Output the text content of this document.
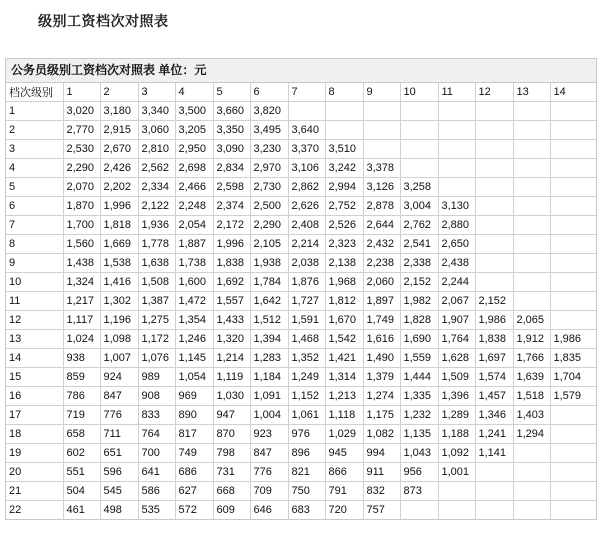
级别工资档次对照表
公务员级别工资档次对照表 单位：元
档次级别	1	2	3	4	5	6	7	8	9	10	11	12	13	14
1	3,020	3,180	3,340	3,500	3,660	3,820								
2	2,770	2,915	3,060	3,205	3,350	3,495	3,640							
3	2,530	2,670	2,810	2,950	3,090	3,230	3,370	3,510						
4	2,290	2,426	2,562	2,698	2,834	2,970	3,106	3,242	3,378					
5	2,070	2,202	2,334	2,466	2,598	2,730	2,862	2,994	3,126	3,258				
6	1,870	1,996	2,122	2,248	2,374	2,500	2,626	2,752	2,878	3,004	3,130			
7	1,700	1,818	1,936	2,054	2,172	2,290	2,408	2,526	2,644	2,762	2,880			
8	1,560	1,669	1,778	1,887	1,996	2,105	2,214	2,323	2,432	2,541	2,650			
9	1,438	1,538	1,638	1,738	1,838	1,938	2,038	2,138	2,238	2,338	2,438			
10	1,324	1,416	1,508	1,600	1,692	1,784	1,876	1,968	2,060	2,152	2,244			
11	1,217	1,302	1,387	1,472	1,557	1,642	1,727	1,812	1,897	1,982	2,067	2,152		
12	1,117	1,196	1,275	1,354	1,433	1,512	1,591	1,670	1,749	1,828	1,907	1,986	2,065	
13	1,024	1,098	1,172	1,246	1,320	1,394	1,468	1,542	1,616	1,690	1,764	1,838	1,912	1,986
14	938	1,007	1,076	1,145	1,214	1,283	1,352	1,421	1,490	1,559	1,628	1,697	1,766	1,835
15	859	924	989	1,054	1,119	1,184	1,249	1,314	1,379	1,444	1,509	1,574	1,639	1,704
16	786	847	908	969	1,030	1,091	1,152	1,213	1,274	1,335	1,396	1,457	1,518	1,579
17	719	776	833	890	947	1,004	1,061	1,118	1,175	1,232	1,289	1,346	1,403	
18	658	711	764	817	870	923	976	1,029	1,082	1,135	1,188	1,241	1,294	
19	602	651	700	749	798	847	896	945	994	1,043	1,092	1,141		
20	551	596	641	686	731	776	821	866	911	956	1,001			
21	504	545	586	627	668	709	750	791	832	873				
22	461	498	535	572	609	646	683	720	757					
